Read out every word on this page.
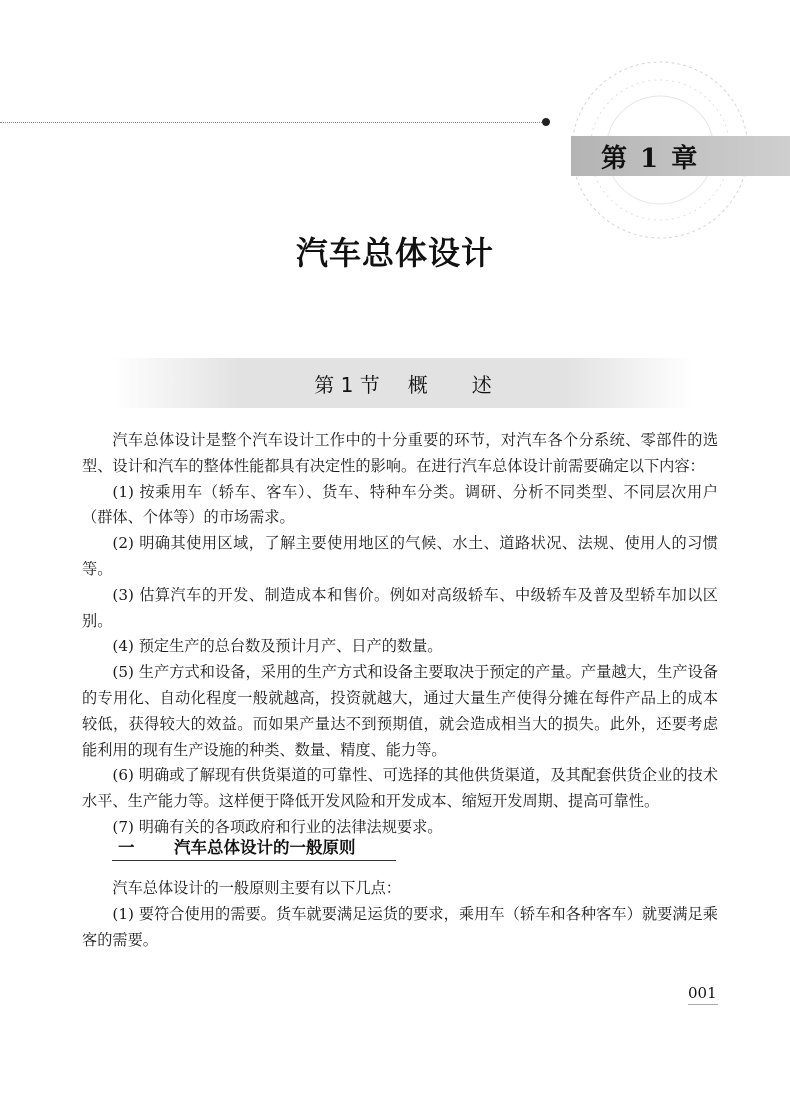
第 1 章
汽车总体设计
第 1 节 概述

汽车总体设计是整个汽车设计工作中的十分重要的环节，对汽车各个分系统、零部件的选型、设计和汽车的整体性能都具有决定性的影响。在进行汽车总体设计前需要确定以下内容：

(1) 按乘用车（轿车、客车）、货车、特种车分类。调研、分析不同类型、不同层次用户（群体、个体等）的市场需求。

(2) 明确其使用区域，了解主要使用地区的气候、水土、道路状况、法规、使用人的习惯等。

(3) 估算汽车的开发、制造成本和售价。例如对高级轿车、中级轿车及普及型轿车加以区别。

(4) 预定生产的总台数及预计月产、日产的数量。

(5) 生产方式和设备，采用的生产方式和设备主要取决于预定的产量。产量越大，生产设备的专用化、自动化程度一般就越高，投资就越大，通过大量生产使得分摊在每件产品上的成本较低，获得较大的效益。而如果产量达不到预期值，就会造成相当大的损失。此外，还要考虑能利用的现有生产设施的种类、数量、精度、能力等。

(6) 明确或了解现有供货渠道的可靠性、可选择的其他供货渠道，及其配套供货企业的技术水平、生产能力等。这样便于降低开发风险和开发成本、缩短开发周期、提高可靠性。

(7) 明确有关的各项政府和行业的法律法规要求。

一	汽车总体设计的一般原则

汽车总体设计的一般原则主要有以下几点：

(1) 要符合使用的需要。货车就要满足运货的要求，乘用车（轿车和各种客车）就要满足乘客的需要。

001
